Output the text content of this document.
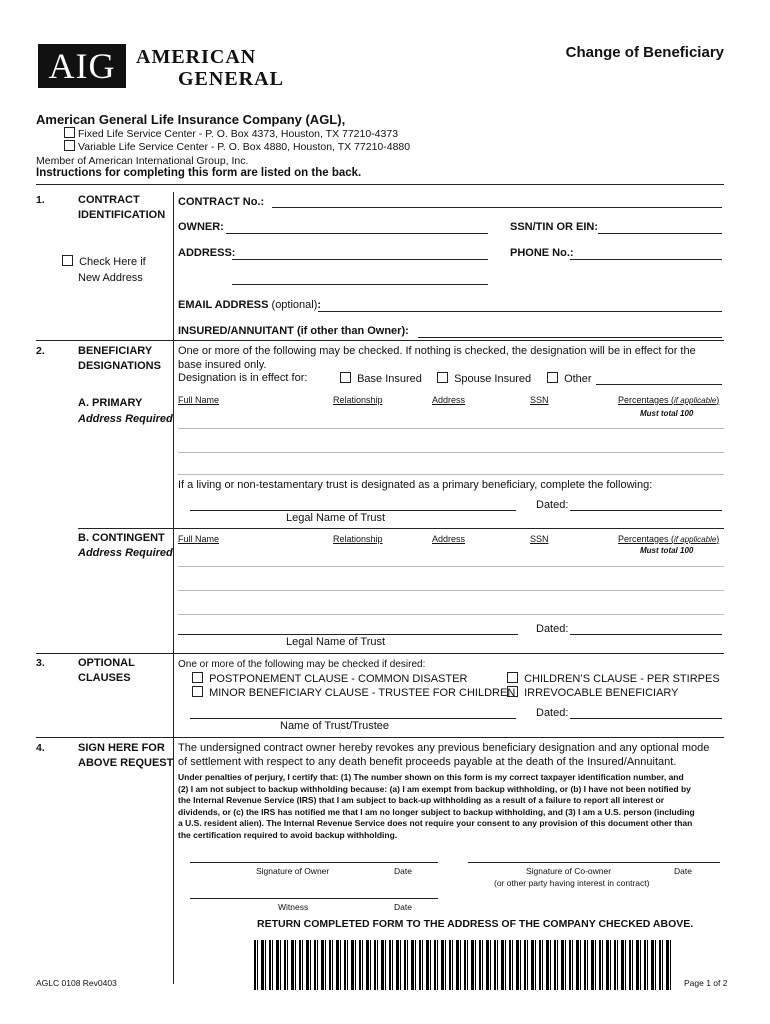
AIG	AMERICAN
GENERAL
Change of Beneficiary
American General Life Insurance Company (AGL),
Fixed Life Service Center - P. O. Box 4373, Houston, TX 77210-4373
Variable Life Service Center - P. O. Box 4880, Houston, TX 77210-4880
Member of American International Group, Inc.
Instructions for completing this form are listed on the back.
1.	CONTRACT
IDENTIFICATION
Check Here if
New Address
CONTRACT No.:
OWNER:	SSN/TIN OR EIN:
ADDRESS:	PHONE No.:
EMAIL ADDRESS (optional):
INSURED/ANNUITANT (if other than Owner):
2.	BENEFICIARY
DESIGNATIONS
One or more of the following may be checked. If nothing is checked, the designation will be in effect for the
base insured only.
Designation is in effect for:	Base Insured	Spouse Insured	Other
A. PRIMARY
Address Required
Full Name	Relationship	Address	SSN	Percentages (if applicable)
Must total 100
If a living or non-testamentary trust is designated as a primary beneficiary, complete the following:
Dated:
Legal Name of Trust
B. CONTINGENT
Address Required
Full Name	Relationship	Address	SSN	Percentages (if applicable)
Must total 100
Dated:
Legal Name of Trust
3.	OPTIONAL
CLAUSES
One or more of the following may be checked if desired:
POSTPONEMENT CLAUSE - COMMON DISASTER
MINOR BENEFICIARY CLAUSE - TRUSTEE FOR CHILDREN
CHILDREN’S CLAUSE - PER STIRPES
IRREVOCABLE BENEFICIARY
Dated:
Name of Trust/Trustee
4.	SIGN HERE FOR
ABOVE REQUEST
The undersigned contract owner hereby revokes any previous beneficiary designation and any optional mode
of settlement with respect to any death benefit proceeds payable at the death of the Insured/Annuitant.
Under penalties of perjury, I certify that: (1) The number shown on this form is my correct taxpayer identification number, and
(2) I am not subject to backup withholding because: (a) I am exempt from backup withholding, or (b) I have not been notified by
the Internal Revenue Service (IRS) that I am subject to back-up withholding as a result of a failure to report all interest or
dividends, or (c) the IRS has notified me that I am no longer subject to backup withholding, and (3) I am a U.S. person (including
a U.S. resident alien). The Internal Revenue Service does not require your consent to any provision of this document other than
the certification required to avoid backup withholding.
Signature of Owner	Date	Signature of Co-owner	Date
(or other party having interest in contract)
Witness	Date
RETURN COMPLETED FORM TO THE ADDRESS OF THE COMPANY CHECKED ABOVE.
AGLC 0108 Rev0403	Page 1 of 2
